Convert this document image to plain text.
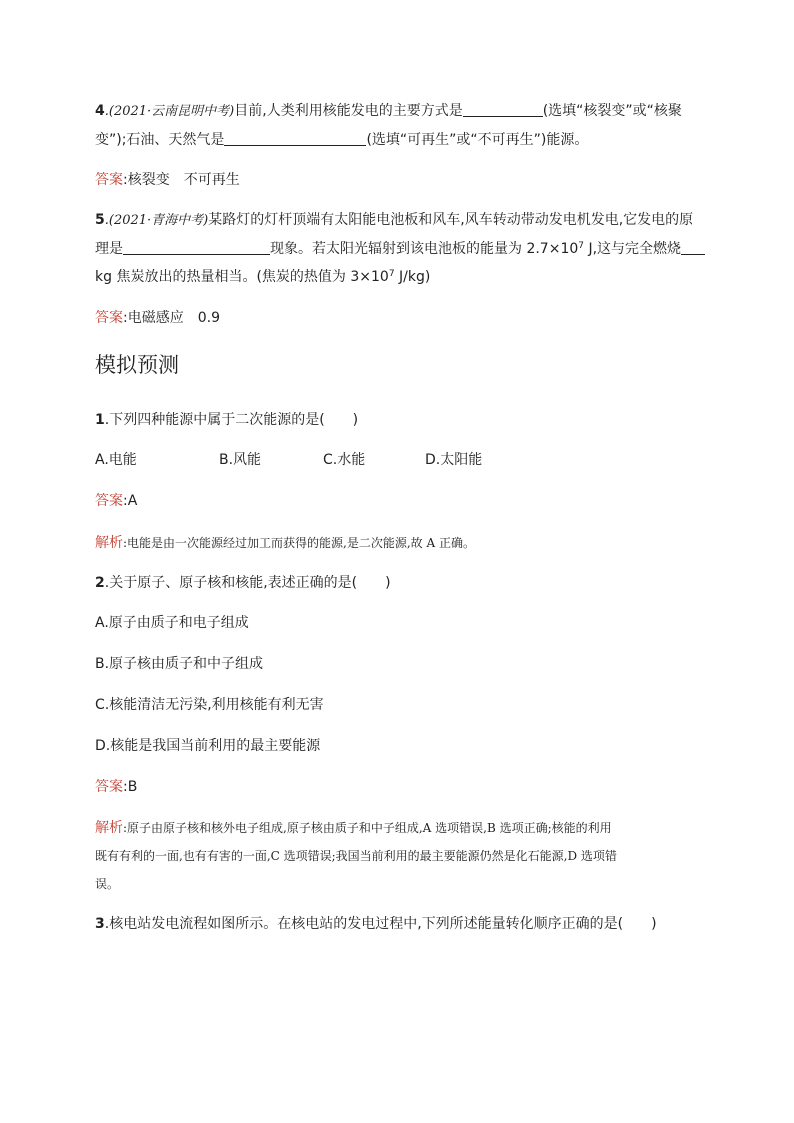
4.(2021·云南昆明中考)目前,人类利用核能发电的主要方式是	(选填“核裂变”或“核聚
变”);石油、天然气是	(选填“可再生”或“不可再生”)能源。
答案:核裂变　不可再生
5.(2021·青海中考)某路灯的灯杆顶端有太阳能电池板和风车,风车转动带动发电机发电,它发电的原
理是	现象。若太阳光辐射到该电池板的能量为 $2.7\times 10^7$ J,这与完全燃烧
kg 焦炭放出的热量相当。(焦炭的热值为 $3\times 10^7$ J/kg)
答案:电磁感应　0.9
模拟预测
1.下列四种能源中属于二次能源的是(　　)
A.电能	B.风能	C.水能	D.太阳能
答案:A
解析:电能是由一次能源经过加工而获得的能源,是二次能源,故 A 正确。
2.关于原子、原子核和核能,表述正确的是(　　)
A.原子由质子和电子组成
B.原子核由质子和中子组成
C.核能清洁无污染,利用核能有利无害
D.核能是我国当前利用的最主要能源
答案:B
解析:原子由原子核和核外电子组成,原子核由质子和中子组成,A 选项错误,B 选项正确;核能的利用
既有有利的一面,也有有害的一面,C 选项错误;我国当前利用的最主要能源仍然是化石能源,D 选项错
误。
3.核电站发电流程如图所示。在核电站的发电过程中,下列所述能量转化顺序正确的是(　　)
